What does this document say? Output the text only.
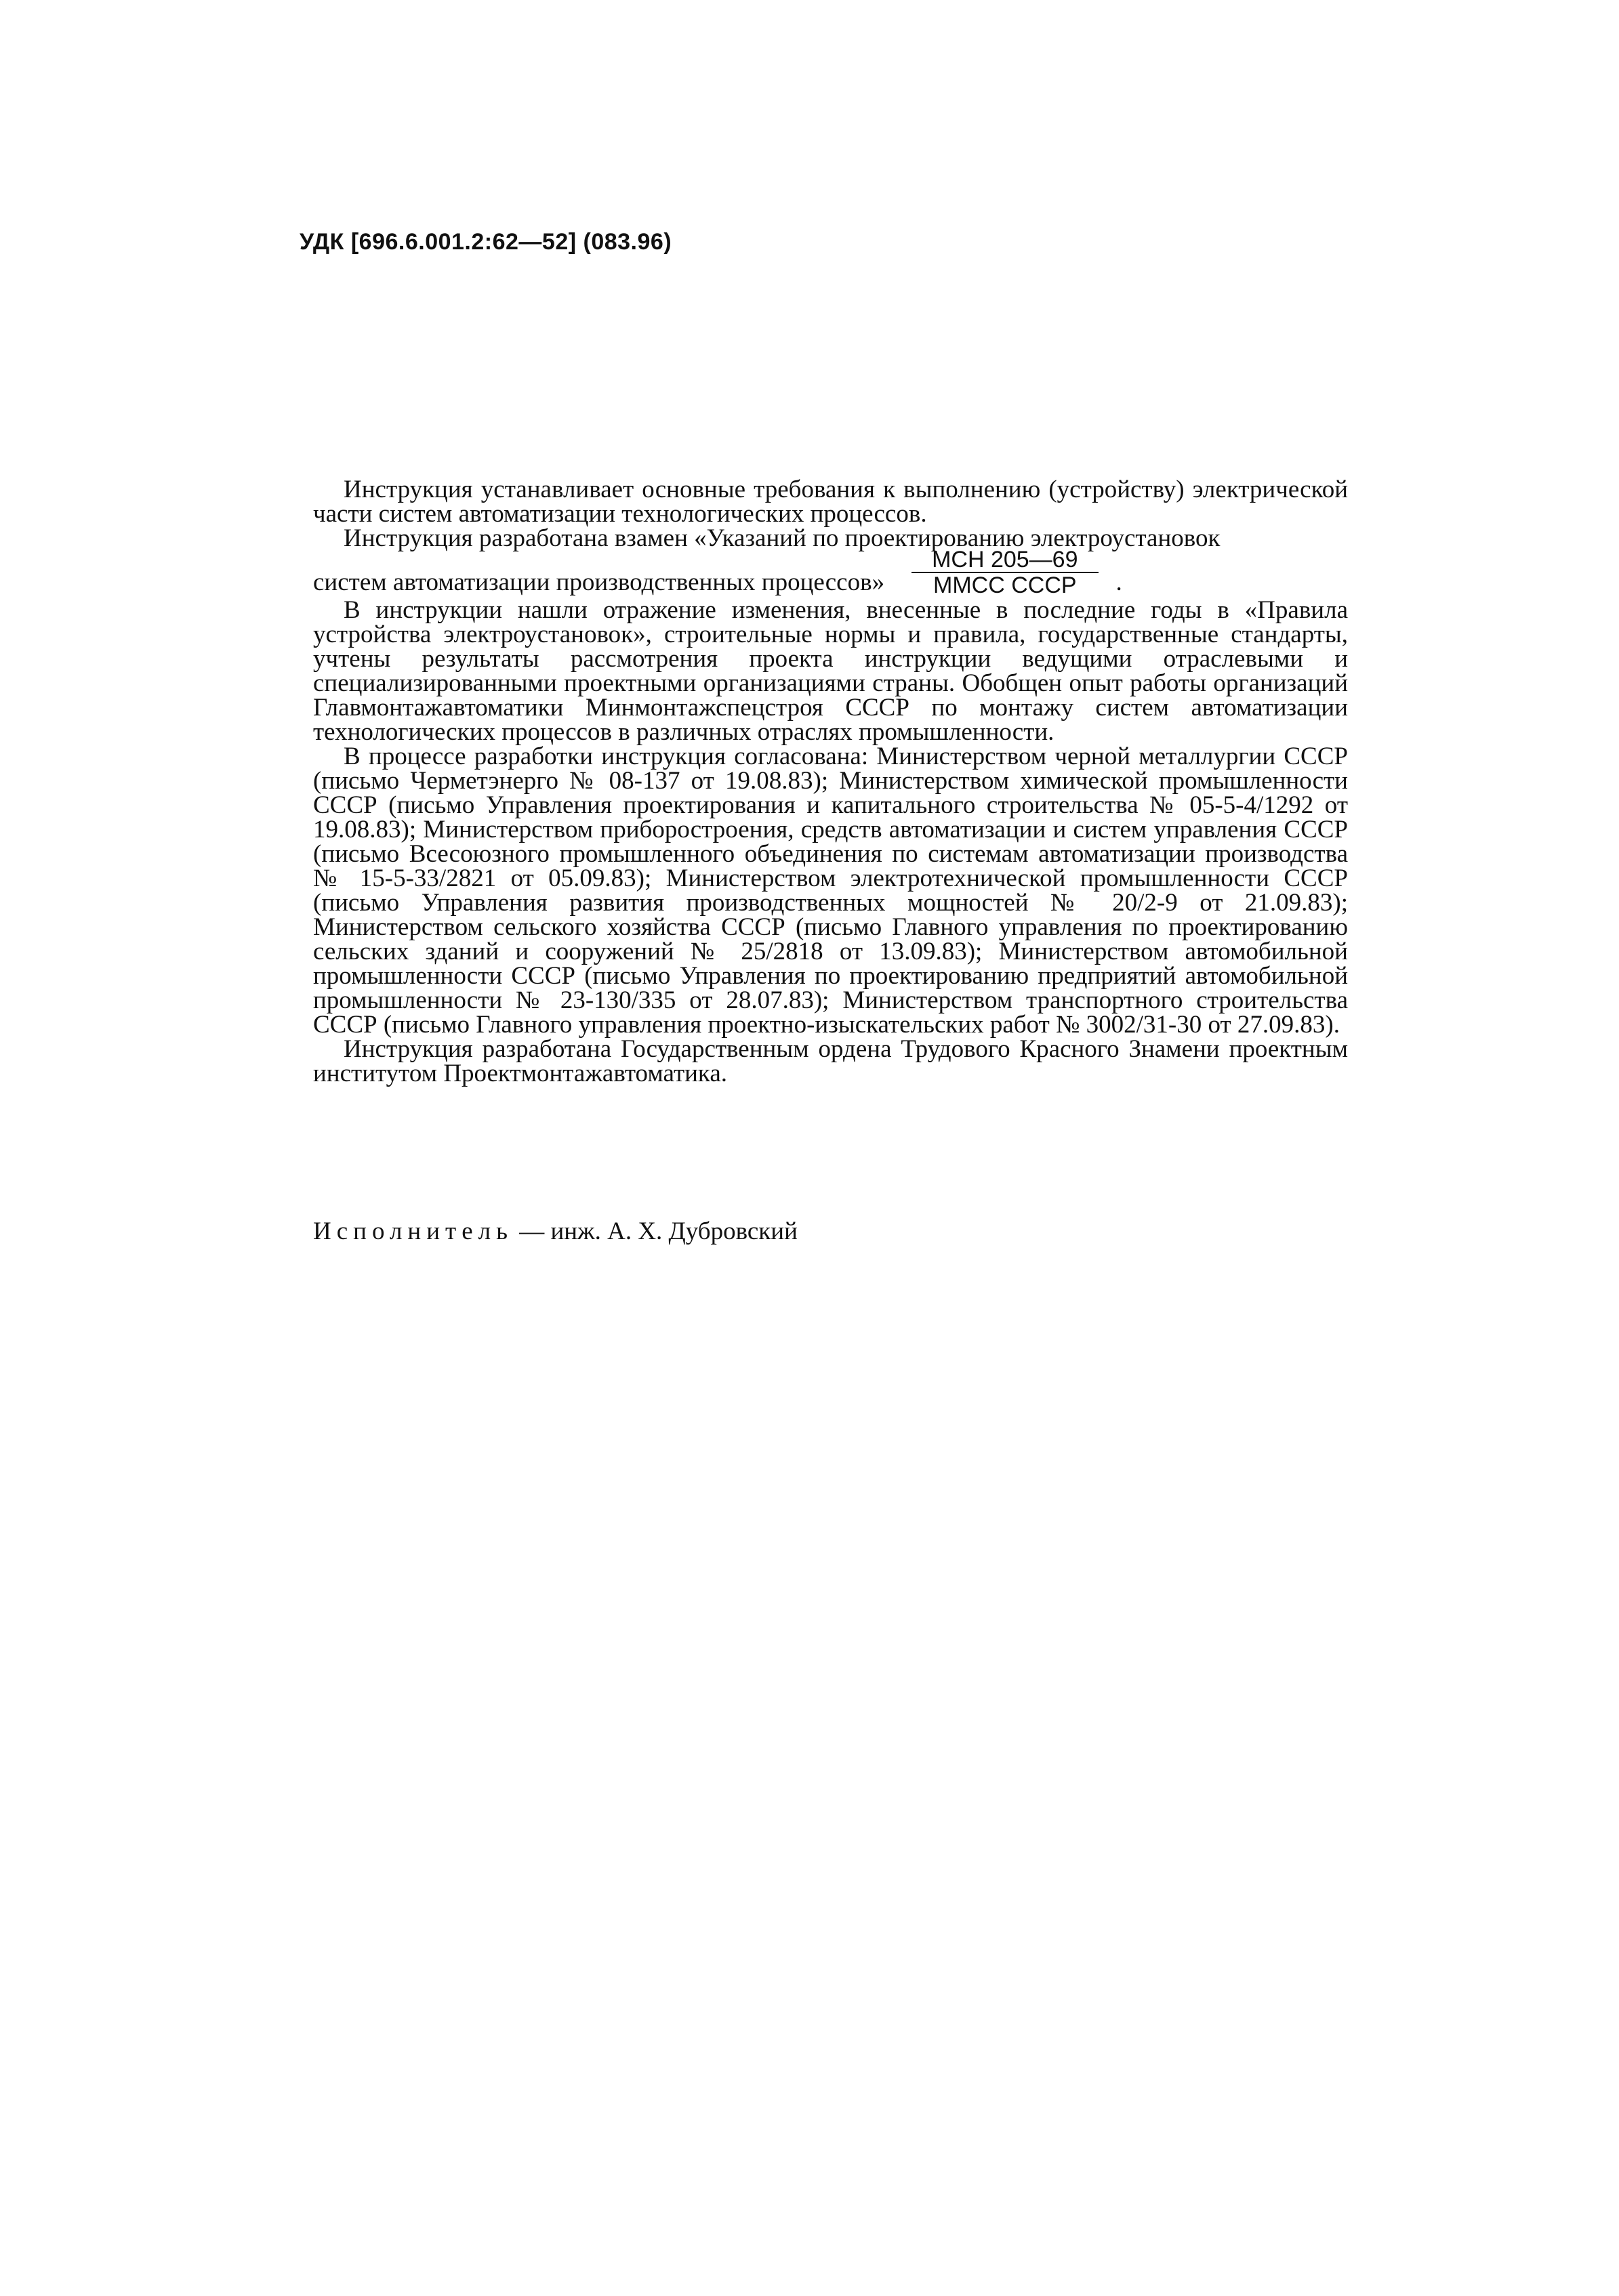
УДК [696.6.001.2:62—52] (083.96)

Инструкция устанавливает основные требования к выполнению (устройству) электрической части систем автоматизации технологических процессов.

Инструкция разработана взамен «Указаний по проектированию электроустановок

систем автоматизации производственных процессов» $\frac{\text{МСН 205—69}}{\text{ММСС СССР}}$ .

В инструкции нашли отражение изменения, внесенные в последние годы в «Правила устройства электроустановок», строительные нормы и правила, государственные стандарты, учтены результаты рассмотрения проекта инструкции ведущими отраслевыми и специализированными проектными организациями страны. Обобщен опыт работы организаций Главмонтажавтоматики Минмонтажспецстроя СССР по монтажу систем автоматизации технологических процессов в различных отраслях промышленности.

В процессе разработки инструкция согласована: Министерством черной металлургии СССР (письмо Черметэнерго № 08-137 от 19.08.83); Министерством химической промышленности СССР (письмо Управления проектирования и капитального строительства № 05-5-4/1292 от 19.08.83); Министерством приборостроения, средств автоматизации и систем управления СССР (письмо Всесоюзного промышленного объединения по системам автоматизации производства № 15-5-33/2821 от 05.09.83); Министерством электротехнической промышленности СССР (письмо Управления развития производственных мощностей № 20/2-9 от 21.09.83); Министерством сельского хозяйства СССР (письмо Главного управления по проектированию сельских зданий и сооружений № 25/2818 от 13.09.83); Министерством автомобильной промышленности СССР (письмо Управления по проектированию предприятий автомобильной промышленности № 23-130/335 от 28.07.83); Министерством транспортного строительства СССР (письмо Главного управления проектно-изыскательских работ № 3002/31-30 от 27.09.83).

Инструкция разработана Государственным ордена Трудового Красного Знамени проектным институтом Проектмонтажавтоматика.

Исполнитель — инж. А. Х. Дубровский
